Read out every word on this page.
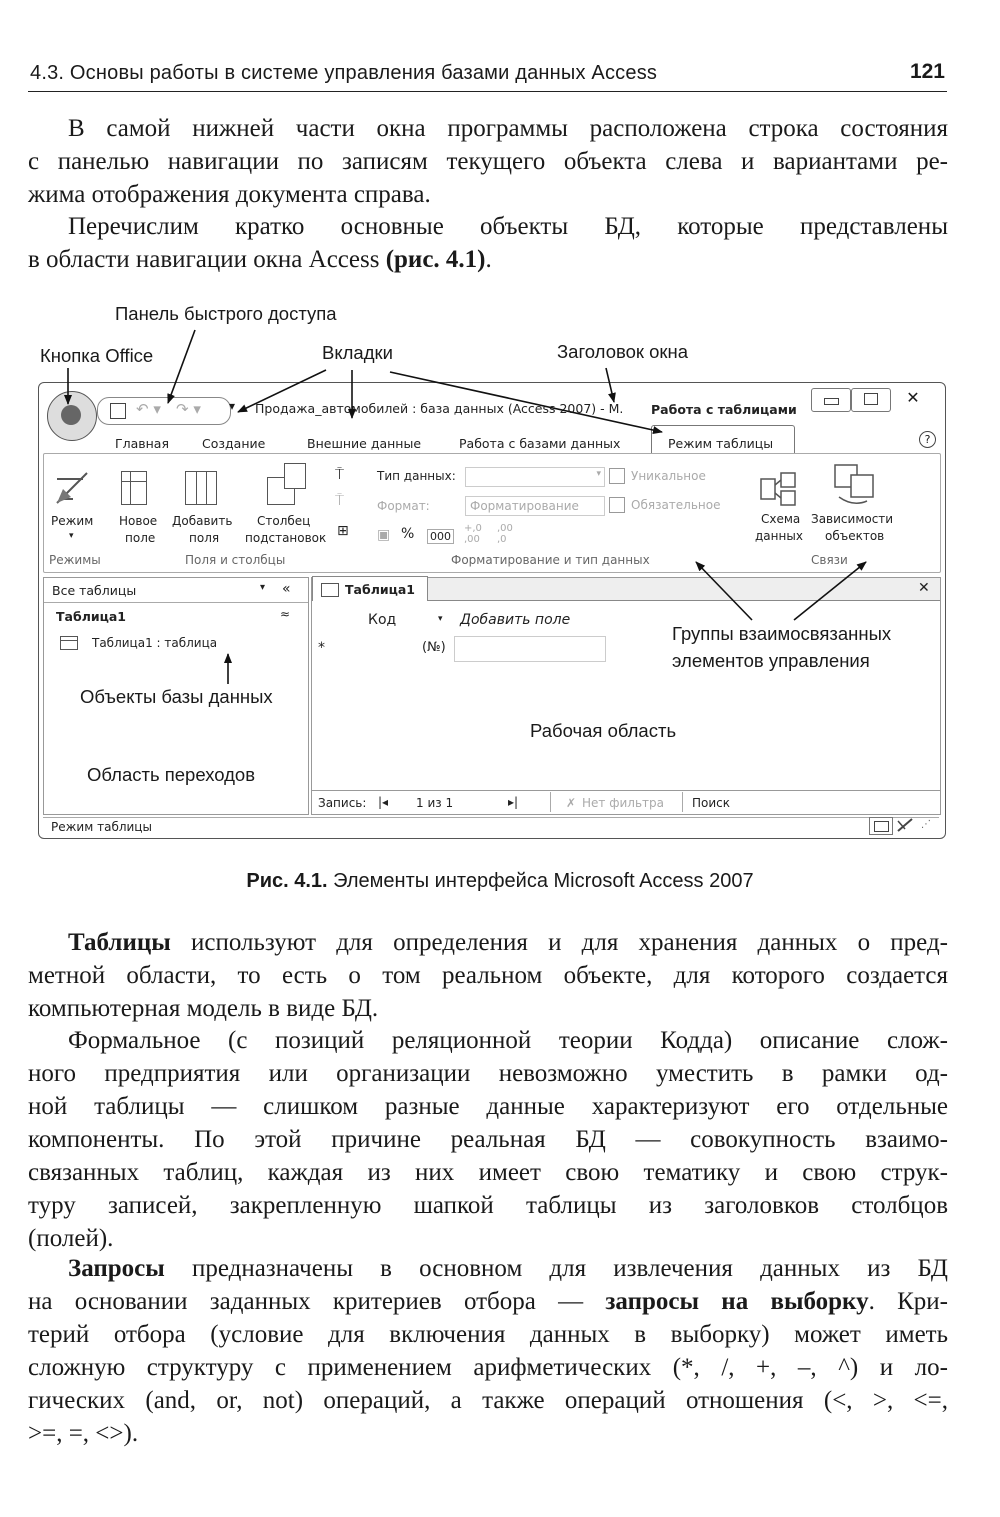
4.3. Основы работы в системе управления базами данных Access	121
В самой нижней части окна программы расположена строка состояния
с панелью навигации по записям текущего объекта слева и вариантами ре-
жима отображения документа справа.
Перечислим кратко основные объекты БД, которые представлены
в области навигации окна Access (рис. 4.1).
Панель быстрого доступа
Кнопка Office	Вкладки	Заголовок окна
↶ ▾ ↷ ▾ ▾ Продажа_автомобилей : база данных (Access 2007) - M. Работа с таблицами
✕
Главная	Создание	Внешние данные	Работа с базами данных	Режим таблицы	?
Режим
▾
Режимы
Новое
поле
Добавить
поля
Столбец
подстановок
⍑
⍑
⊞
Поля и столбцы
Тип данных:	▾
Формат:	Форматирование
▣ % 000
+,0
,00
,00
,0
Уникальное
Обязательное
Форматирование и тип данных
Схема
данных
Зависимости
объектов
Связи
Все таблицы	▾ «
Таблица1	≈
Таблица1 : таблица
Таблица1	✕
Код	▾ Добавить поле
*	(№)
Запись: |◂ 1 из 1	▸|	✗ Нет фильтра Поиск
Режим таблицы	⋰
Группы взаимосвязанных
элементов управления
Объекты базы данных
Рабочая область
Область переходов
Рис. 4.1. Элементы интерфейса Microsoft Access 2007
Таблицы используют для определения и для хранения данных о пред-
метной области, то есть о том реальном объекте, для которого создается
компьютерная модель в виде БД.
Формальное (с позиций реляционной теории Кодда) описание слож-
ного предприятия или организации невозможно уместить в рамки од-
ной таблицы — слишком разные данные характеризуют его отдельные
компоненты. По этой причине реальная БД — совокупность взаимо-
связанных таблиц, каждая из них имеет свою тематику и свою струк-
туру записей, закрепленную шапкой таблицы из заголовков столбцов
(полей).
Запросы предназначены в основном для извлечения данных из БД
на основании заданных критериев отбора — запросы на выборку. Кри-
терий отбора (условие для включения данных в выборку) может иметь
сложную структуру с применением арифметических (*, /, +, –, ^) и ло-
гических (and, or, not) операций, а также операций отношения (<, >, <=,
>=, =, <>).
